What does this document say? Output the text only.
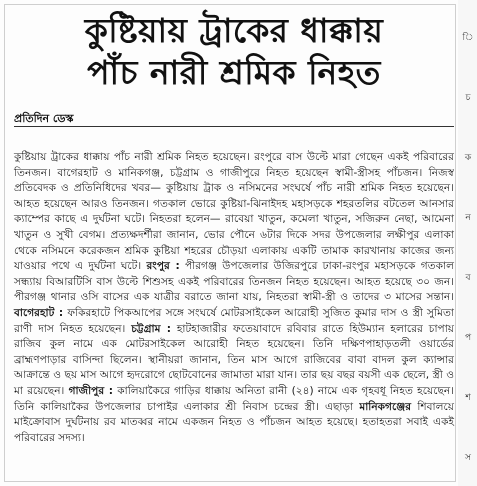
কুষ্টিয়ায় ট্রাকের ধাক্কায়
পাঁচ নারী শ্রমিক নিহত
প্রতিদিন ডেস্ক
কুষ্টিয়ায় ট্রাকের ধাক্কায় পাঁচ নারী শ্রমিক নিহত হয়েছেন। রংপুরে বাস উল্টে মারা গেছেন একই পরিবারের তিনজন। বাগেরহাট ও মানিকগঞ্জ, চট্টগ্রাম ও গাজীপুরে নিহত হয়েছেন স্বামী-স্ত্রীসহ পাঁচজন। নিজস্ব প্রতিবেদক ও প্রতিনিধিদের খবর— কুষ্টিয়ায় ট্রাক ও নসিমনের সংঘর্ষে পাঁচ নারী শ্রমিক নিহত হয়েছেন। আহত হয়েছেন আরও তিনজন। গতকাল ভোরে কুষ্টিয়া-ঝিনাইদহ মহাসড়কে শহরতলির বটতেল আনসার ক্যাম্পের কাছে এ দুর্ঘটনা ঘটে। নিহতরা হলেন— রাবেয়া খাতুন, কমেলা খাতুন, সজিরুন নেছা, আমেনা খাতুন ও সুখী বেগম। প্রত্যক্ষদর্শীরা জানান, ভোর পৌনে ৬টার দিকে সদর উপজেলার লক্ষীপুর এলাকা থেকে নসিমনে করেকজন শ্রমিক কুষ্টিয়া শহরের চৌড়য়া এলাকায় একটি তামাক কারখানায় কাজের জন্য যাওয়ার পথে এ দুর্ঘটনা ঘটে। রংপুর : পীরগঞ্জ উপজেলার উজিরপুরে ঢাকা-রংপুর মহাসড়কে গতকাল সন্ধ্যায় বিআরটিসি বাস উল্টে শিশুসহ একই পরিবারের তিনজন নিহত হয়েছেন। আহত হয়েছে ৩০ জন। পীরগঞ্জ থানার ওসি বাসের এক যাত্রীর বরাতে জানা যায়, নিহতরা স্বামী-স্ত্রী ও তাদের ৩ মাসের সন্তান। বাগেরহাট : ফকিরহাটে পিকআপের সঙ্গে সংঘর্ষে মোটরসাইকেল আরোহী সুজিত কুমার দাস ও স্ত্রী সুমিতা রাণী দাস নিহত হয়েছেন। চট্টগ্রাম : হাটহাজারীর ফতেয়াবাদে রবিবার রাতে হিউম্যান হলারের চাপায় রাজিব কুল নামে এক মোটরসাইকেল আরোহী নিহত হয়েছেন। তিনি দক্ষিণপাহাড়তলী ওয়ার্ডের ব্রাহ্মণপাড়ার বাসিন্দা ছিলেন। স্থানীয়রা জানান, তিন মাস আগে রাজিবের বাবা বাদল কুল ক্যান্সার আক্রান্তে ও ছয় মাস আগে হৃদরোগে ছোটবোনের জামাতা মারা যান। তার ছয় বছর বয়সী এক ছেলে, স্ত্রী ও মা রয়েছেন। গাজীপুর : কালিয়াকৈরে গাড়ির ধাক্কায় অনিতা রানী (২৪) নামে এক গৃহবধূ নিহত হয়েছেন। তিনি কালিয়াকৈর উপজেলার চাপাইর এলাকার শ্রী নিবাস চন্দ্রের স্ত্রী। এছাড়া মানিকগঞ্জের শিবালয়ে মাইক্রোবাস দুর্ঘটনায় রব মাতব্বর নামে একজন নিহত ও পাঁচজন আহত হয়েছে। হতাহতরা সবাই একই পরিবারের সদস্য।
ি
চ
ক
ন
ব
প
শ
স
